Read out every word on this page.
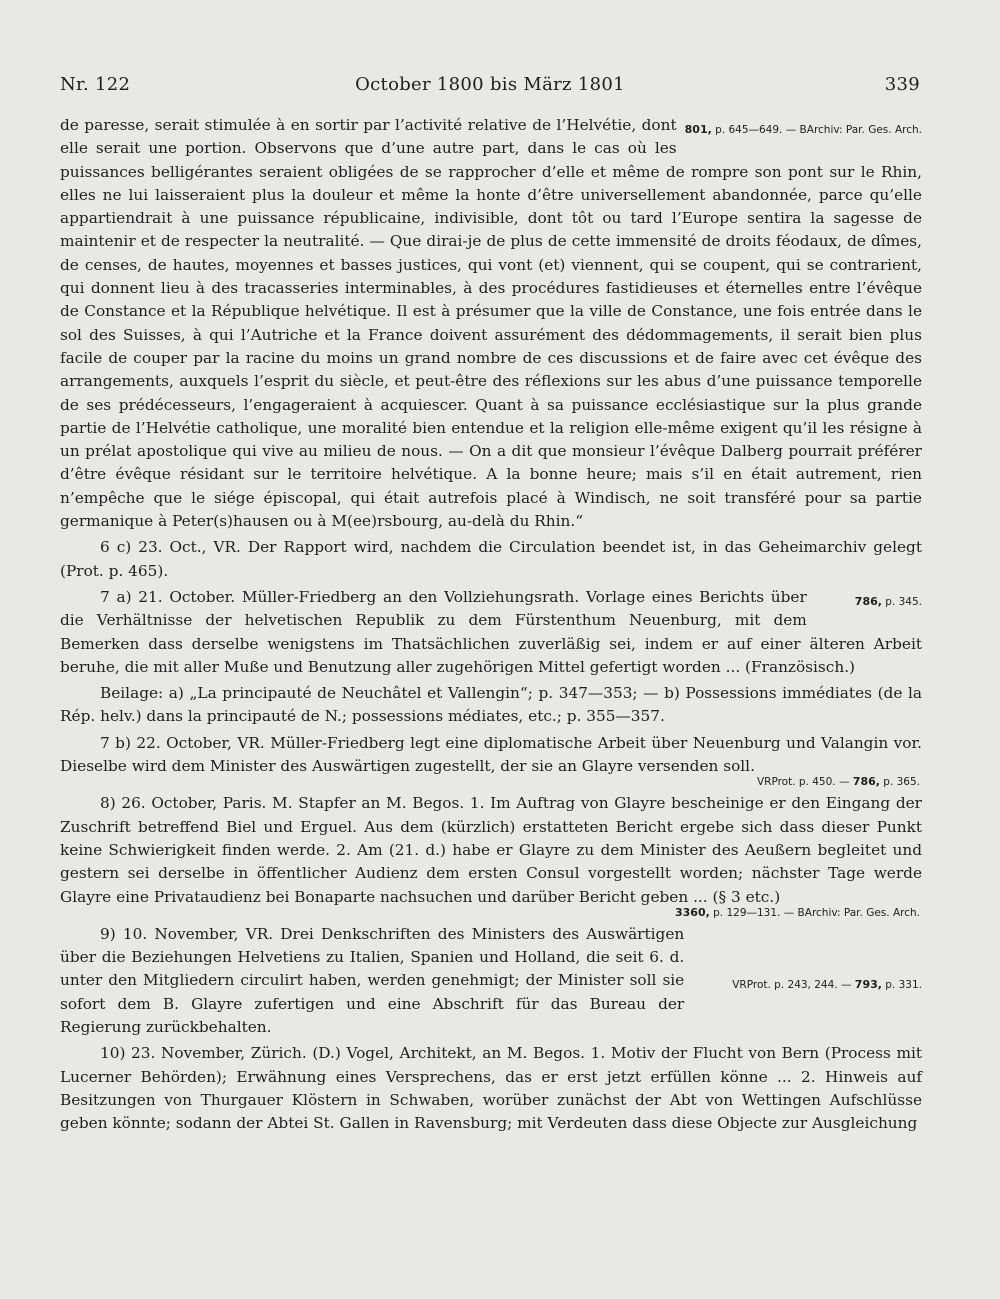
Nr. 122	October 1800 bis März 1801	339

801, p. 645—649. — BArchiv: Par. Ges. Arch.
de paresse, serait stimulée à en sortir par l’activité relative de l’Helvétie, dont elle serait une portion. Observons que d’une autre part, dans le cas où les puissances belligérantes seraient obligées de se rapprocher d’elle et même de rompre son pont sur le Rhin, elles ne lui laisseraient plus la douleur et même la honte d’être universellement abandonnée, parce qu’elle appartiendrait à une puissance républicaine, indivisible, dont tôt ou tard l’Europe sentira la sagesse de maintenir et de respecter la neutralité. — Que dirai-je de plus de cette immensité de droits féodaux, de dîmes, de censes, de hautes, moyennes et basses justices, qui vont (et) viennent, qui se coupent, qui se contrarient, qui donnent lieu à des tracasseries interminables, à des procédures fastidieuses et éternelles entre l’évêque de Constance et la République helvétique. Il est à présumer que la ville de Constance, une fois entrée dans le sol des Suisses, à qui l’Autriche et la France doivent assurément des dédommagements, il serait bien plus facile de couper par la racine du moins un grand nombre de ces discussions et de faire avec cet évêque des arrangements, auxquels l’esprit du siècle, et peut-être des réflexions sur les abus d’une puissance temporelle de ses prédécesseurs, l’engageraient à acquiescer. Quant à sa puissance ecclésiastique sur la plus grande partie de l’Helvétie catholique, une moralité bien entendue et la religion elle-même exigent qu’il les résigne à un prélat apostolique qui vive au milieu de nous. — On a dit que monsieur l’évêque Dalberg pourrait préférer d’être évêque résidant sur le territoire helvétique. A la bonne heure; mais s’il en était autrement, rien n’empêche que le siége épiscopal, qui était autrefois placé à Windisch, ne soit transféré pour sa partie germanique à Peter(s)hausen ou à M(ee)rsbourg, au-delà du Rhin.“

6 c) 23. Oct., VR. Der Rapport wird, nachdem die Circulation beendet ist, in das Geheimarchiv gelegt (Prot. p. 465).
786, p. 345.
7 a) 21. October. Müller-Friedberg an den Vollziehungsrath. Vorlage eines Berichts über die Verhältnisse der helvetischen Republik zu dem Fürstenthum Neuenburg, mit dem Bemerken dass derselbe wenigstens im Thatsächlichen zuverläßig sei, indem er auf einer älteren Arbeit beruhe, die mit aller Muße und Benutzung aller zugehörigen Mittel gefertigt worden ... (Französisch.)
Beilage: a) „La principauté de Neuchâtel et Vallengin“; p. 347—353; — b) Possessions immédiates (de la Rép. helv.) dans la principauté de N.; possessions médiates, etc.; p. 355—357.
7 b) 22. October, VR. Müller-Friedberg legt eine diplomatische Arbeit über Neuenburg und Valangin vor. Dieselbe wird dem Minister des Auswärtigen zugestellt, der sie an Glayre versenden soll.
VRProt. p. 450. — 786, p. 365.
8) 26. October, Paris. M. Stapfer an M. Begos. 1. Im Auftrag von Glayre bescheinige er den Eingang der Zuschrift betreffend Biel und Erguel. Aus dem (kürzlich) erstatteten Bericht ergebe sich dass dieser Punkt keine Schwierigkeit finden werde. 2. Am (21. d.) habe er Glayre zu dem Minister des Aeußern begleitet und gestern sei derselbe in öffentlicher Audienz dem ersten Consul vorgestellt worden; nächster Tage werde Glayre eine Privataudienz bei Bonaparte nachsuchen und darüber Bericht geben ... (§ 3 etc.)
3360, p. 129—131. — BArchiv: Par. Ges. Arch.
VRProt. p. 243, 244. — 793, p. 331.
9) 10. November, VR. Drei Denkschriften des Ministers des Auswärtigen über die Beziehungen Helvetiens zu Italien, Spanien und Holland, die seit 6. d. unter den Mitgliedern circulirt haben, werden genehmigt; der Minister soll sie sofort dem B. Glayre zufertigen und eine Abschrift für das Bureau der Regierung zurückbehalten.
10) 23. November, Zürich. (D.) Vogel, Architekt, an M. Begos. 1. Motiv der Flucht von Bern (Process mit Lucerner Behörden); Erwähnung eines Versprechens, das er erst jetzt erfüllen könne ... 2. Hinweis auf Besitzungen von Thurgauer Klöstern in Schwaben, worüber zunächst der Abt von Wettingen Aufschlüsse geben könnte; sodann der Abtei St. Gallen in Ravensburg; mit Verdeuten dass diese Objecte zur Ausgleichung
